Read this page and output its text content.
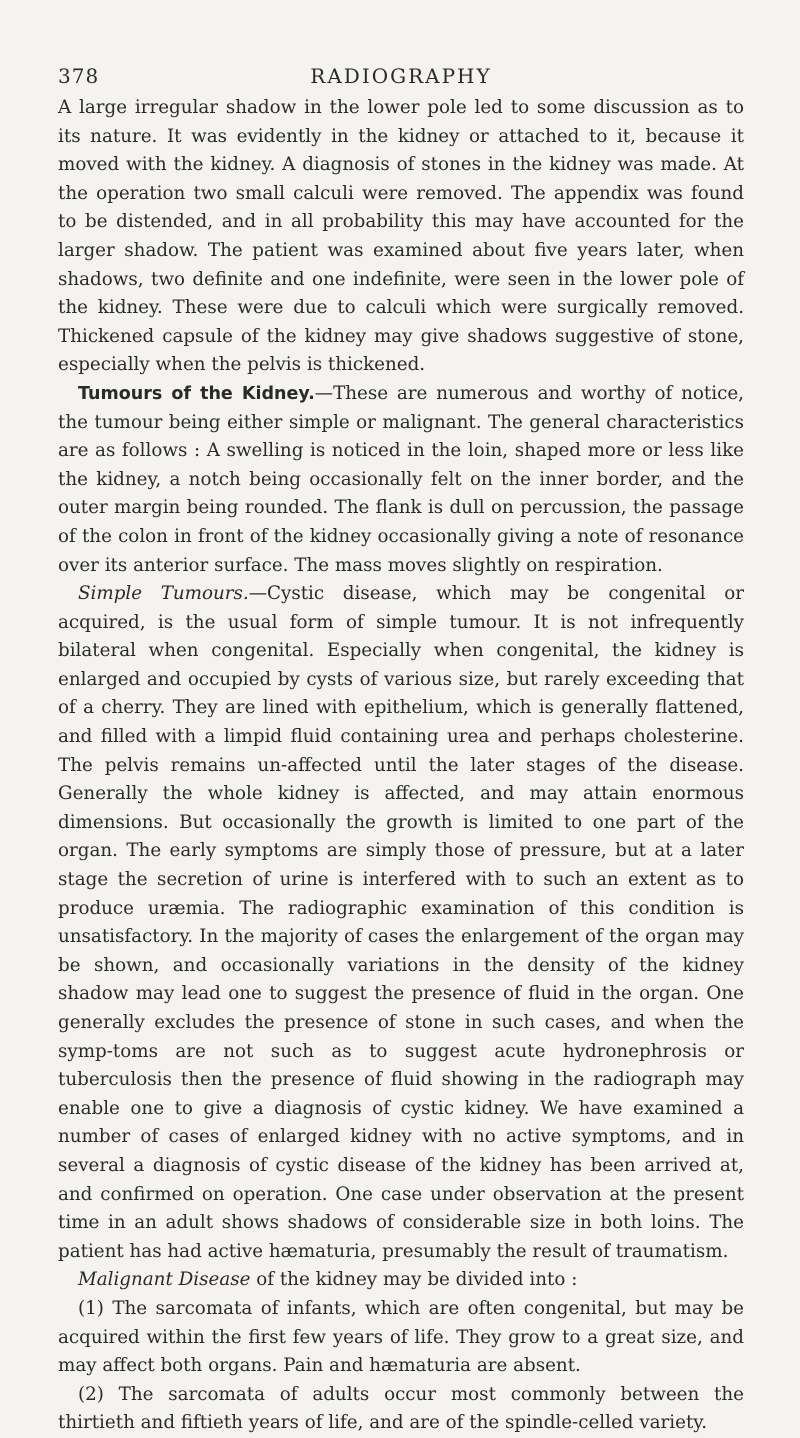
378	RADIOGRAPHY

A large irregular shadow in the lower pole led to some discussion as to its nature. It was evidently in the kidney or attached to it, because it moved with the kidney. A diagnosis of stones in the kidney was made. At the operation two small calculi were removed. The appendix was found to be distended, and in all probability this may have accounted for the larger shadow. The patient was examined about five years later, when shadows, two definite and one indefinite, were seen in the lower pole of the kidney. These were due to calculi which were surgically removed. Thickened capsule of the kidney may give shadows suggestive of stone, especially when the pelvis is thickened.

Tumours of the Kidney.—These are numerous and worthy of notice, the tumour being either simple or malignant. The general characteristics are as follows : A swelling is noticed in the loin, shaped more or less like the kidney, a notch being occasionally felt on the inner border, and the outer margin being rounded. The flank is dull on percussion, the passage of the colon in front of the kidney occasionally giving a note of resonance over its anterior surface. The mass moves slightly on respiration.

Simple Tumours.—Cystic disease, which may be congenital or acquired, is the usual form of simple tumour. It is not infrequently bilateral when congenital. Especially when congenital, the kidney is enlarged and occupied by cysts of various size, but rarely exceeding that of a cherry. They are lined with epithelium, which is generally flattened, and filled with a limpid fluid containing urea and perhaps cholesterine. The pelvis remains un-affected until the later stages of the disease. Generally the whole kidney is affected, and may attain enormous dimensions. But occasionally the growth is limited to one part of the organ. The early symptoms are simply those of pressure, but at a later stage the secretion of urine is interfered with to such an extent as to produce uræmia. The radiographic examination of this condition is unsatisfactory. In the majority of cases the enlargement of the organ may be shown, and occasionally variations in the density of the kidney shadow may lead one to suggest the presence of fluid in the organ. One generally excludes the presence of stone in such cases, and when the symp-toms are not such as to suggest acute hydronephrosis or tuberculosis then the presence of fluid showing in the radiograph may enable one to give a diagnosis of cystic kidney. We have examined a number of cases of enlarged kidney with no active symptoms, and in several a diagnosis of cystic disease of the kidney has been arrived at, and confirmed on operation. One case under observation at the present time in an adult shows shadows of considerable size in both loins. The patient has had active hæmaturia, presumably the result of traumatism.

Malignant Disease of the kidney may be divided into :

(1) The sarcomata of infants, which are often congenital, but may be acquired within the first few years of life. They grow to a great size, and may affect both organs. Pain and hæmaturia are absent.

(2) The sarcomata of adults occur most commonly between the thirtieth and fiftieth years of life, and are of the spindle-celled variety.
